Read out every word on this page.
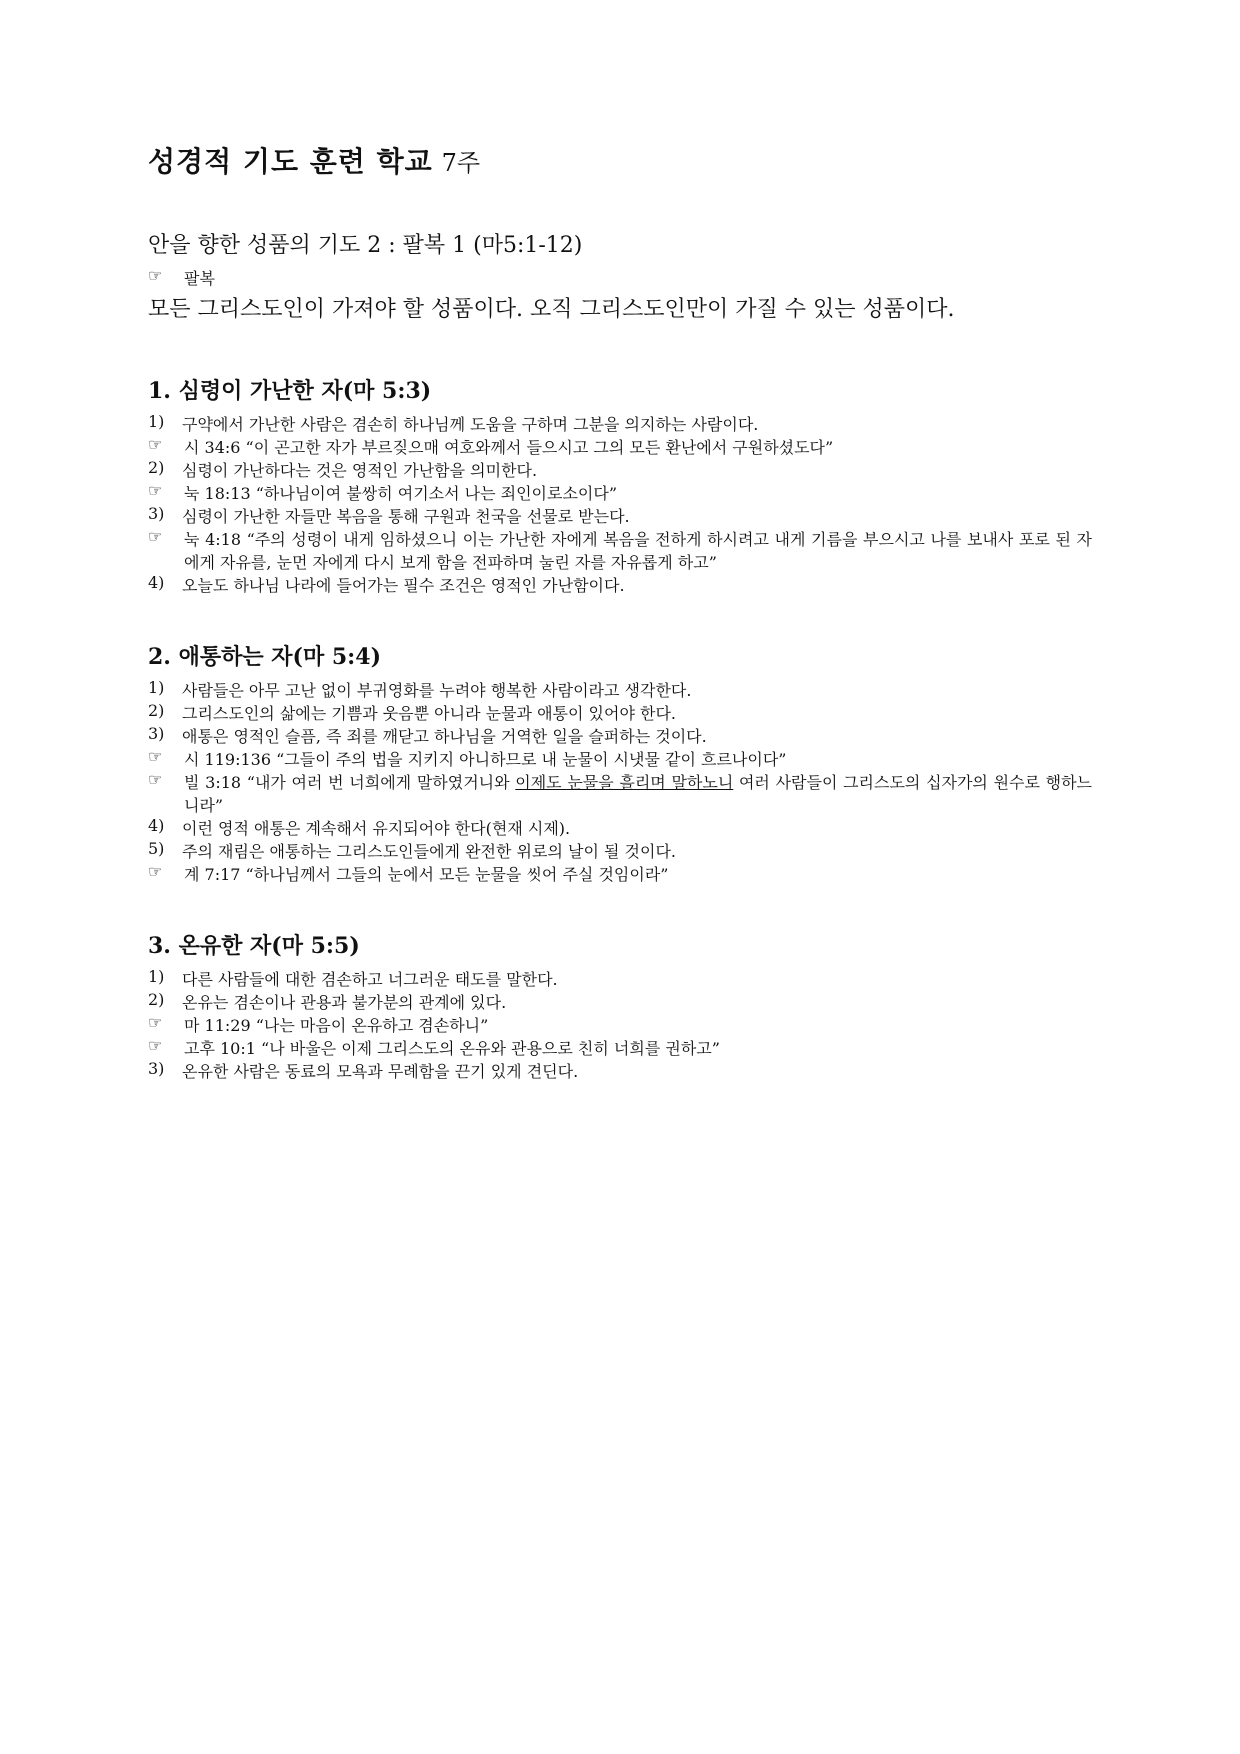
성경적 기도 훈련 학교 7주

안을 향한 성품의 기도 2 : 팔복 1 (마5:1-12)

☞	팔복

모든 그리스도인이 가져야 할 성품이다. 오직 그리스도인만이 가질 수 있는 성품이다.

1. 심령이 가난한 자(마 5:3)

1)	구약에서 가난한 사람은 겸손히 하나님께 도움을 구하며 그분을 의지하는 사람이다.
☞	시 34:6 “이 곤고한 자가 부르짖으매 여호와께서 들으시고 그의 모든 환난에서 구원하셨도다”
2)	심령이 가난하다는 것은 영적인 가난함을 의미한다.
☞	눅 18:13 “하나님이여 불쌍히 여기소서 나는 죄인이로소이다”
3)	심령이 가난한 자들만 복음을 통해 구원과 천국을 선물로 받는다.
☞	눅 4:18 “주의 성령이 내게 임하셨으니 이는 가난한 자에게 복음을 전하게 하시려고 내게 기름을 부으시고 나를 보내사 포로 된 자에게 자유를, 눈먼 자에게 다시 보게 함을 전파하며 눌린 자를 자유롭게 하고”
4)	오늘도 하나님 나라에 들어가는 필수 조건은 영적인 가난함이다.

2. 애통하는 자(마 5:4)

1)	사람들은 아무 고난 없이 부귀영화를 누려야 행복한 사람이라고 생각한다.
2)	그리스도인의 삶에는 기쁨과 웃음뿐 아니라 눈물과 애통이 있어야 한다.
3)	애통은 영적인 슬픔, 즉 죄를 깨닫고 하나님을 거역한 일을 슬퍼하는 것이다.
☞	시 119:136 “그들이 주의 법을 지키지 아니하므로 내 눈물이 시냇물 같이 흐르나이다”
☞	빌 3:18 “내가 여러 번 너희에게 말하였거니와 이제도 눈물을 흘리며 말하노니 여러 사람들이 그리스도의 십자가의 원수로 행하느니라”
4)	이런 영적 애통은 계속해서 유지되어야 한다(현재 시제).
5)	주의 재림은 애통하는 그리스도인들에게 완전한 위로의 날이 될 것이다.
☞	계 7:17 “하나님께서 그들의 눈에서 모든 눈물을 씻어 주실 것임이라”

3. 온유한 자(마 5:5)

1)	다른 사람들에 대한 겸손하고 너그러운 태도를 말한다.
2)	온유는 겸손이나 관용과 불가분의 관계에 있다.
☞	마 11:29 “나는 마음이 온유하고 겸손하니”
☞	고후 10:1 “나 바울은 이제 그리스도의 온유와 관용으로 친히 너희를 권하고”
3)	온유한 사람은 동료의 모욕과 무례함을 끈기 있게 견딘다.
